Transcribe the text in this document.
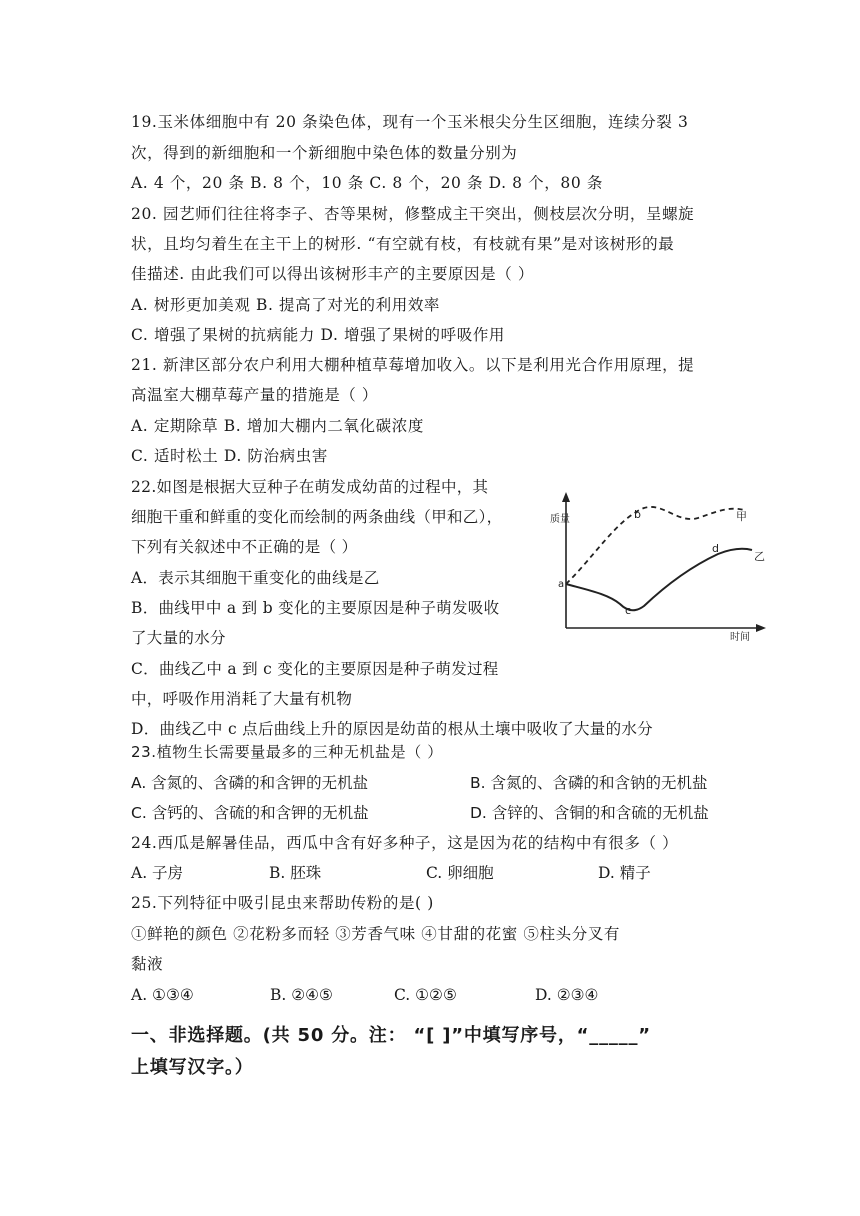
19.玉米体细胞中有 20 条染色体，现有一个玉米根尖分生区细胞，连续分裂 3
次，得到的新细胞和一个新细胞中染色体的数量分别为
A. 4 个，20 条 B. 8 个，10 条 C. 8 个，20 条 D. 8 个，80 条
20. 园艺师们往往将李子、杏等果树，修整成主干突出，侧枝层次分明，呈螺旋
状，且均匀着生在主干上的树形. “有空就有枝，有枝就有果”是对该树形的最
佳描述. 由此我们可以得出该树形丰产的主要原因是（ ）
A. 树形更加美观 B. 提高了对光的利用效率
C. 增强了果树的抗病能力 D. 增强了果树的呼吸作用
21. 新津区部分农户利用大棚种植草莓增加收入。以下是利用光合作用原理，提
高温室大棚草莓产量的措施是（ ）
A. 定期除草 B. 增加大棚内二氧化碳浓度
C. 适时松土 D. 防治病虫害
22.如图是根据大豆种子在萌发成幼苗的过程中，其
细胞干重和鲜重的变化而绘制的两条曲线（甲和乙），
下列有关叙述中不正确的是（ ）
A．表示其细胞干重变化的曲线是乙
B．曲线甲中 a 到 b 变化的主要原因是种子萌发吸收
了大量的水分
C．曲线乙中 a 到 c 变化的主要原因是种子萌发过程
中，呼吸作用消耗了大量有机物
D．曲线乙中 c 点后曲线上升的原因是幼苗的根从土壤中吸收了大量的水分
质量
a
b
c
d
甲
乙
时间
23.植物生长需要量最多的三种无机盐是（ ）
A. 含氮的、含磷的和含钾的无机盐	B. 含氮的、含磷的和含钠的无机盐
C. 含钙的、含硫的和含钾的无机盐	D. 含锌的、含铜的和含硫的无机盐
24.西瓜是解暑佳品，西瓜中含有好多种子，这是因为花的结构中有很多（ ）
A. 子房	B. 胚珠	C. 卵细胞	D. 精子
25.下列特征中吸引昆虫来帮助传粉的是( )
①鲜艳的颜色 ②花粉多而轻 ③芳香气味 ④甘甜的花蜜 ⑤柱头分叉有
黏液
A. ①③④	B. ②④⑤	C. ①②⑤	D. ②③④
一、非选择题。(共 50 分。注： “[ ]”中填写序号，“_____”
上填写汉字。）
